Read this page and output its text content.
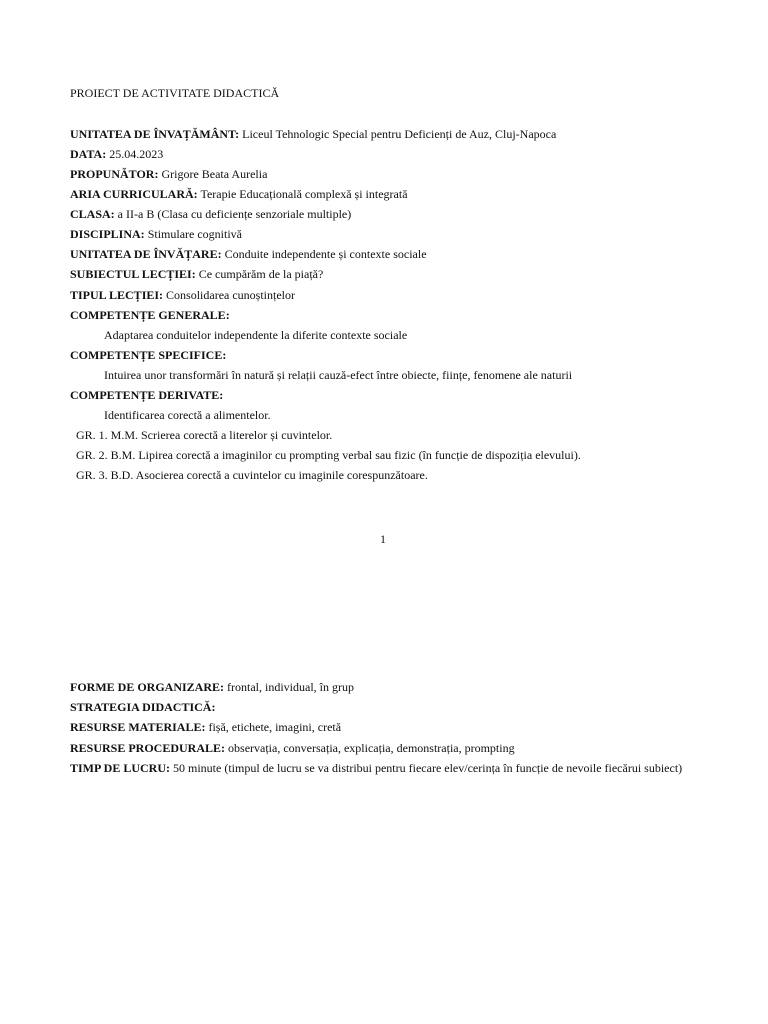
PROIECT DE ACTIVITATE DIDACTICĂ
UNITATEA DE ÎNVAȚĂMÂNT: Liceul Tehnologic Special pentru Deficienți de Auz, Cluj-Napoca
DATA: 25.04.2023
PROPUNĂTOR: Grigore Beata Aurelia
ARIA CURRICULARĂ: Terapie Educațională complexă și integrată
CLASA: a II-a B (Clasa cu deficiențe senzoriale multiple)
DISCIPLINA: Stimulare cognitivă
UNITATEA DE ÎNVĂȚARE: Conduite independente și contexte sociale
SUBIECTUL LECȚIEI: Ce cumpărăm de la piață?
TIPUL LECȚIEI: Consolidarea cunoștințelor
COMPETENȚE GENERALE:
Adaptarea conduitelor independente la diferite contexte sociale
COMPETENȚE SPECIFICE:
Intuirea unor transformări în natură și relații cauză-efect între obiecte, ființe, fenomene ale naturii
COMPETENȚE DERIVATE:
Identificarea corectă a alimentelor.
GR. 1. M.M. Scrierea corectă a literelor și cuvintelor.
GR. 2. B.M. Lipirea corectă a imaginilor cu prompting verbal sau fizic (în funcție de dispoziția elevului).
GR. 3. B.D. Asocierea corectă a cuvintelor cu imaginile corespunzătoare.
1
FORME DE ORGANIZARE: frontal, individual, în grup
STRATEGIA DIDACTICĂ:
RESURSE MATERIALE: fișă, etichete, imagini, cretă
RESURSE PROCEDURALE: observația, conversația, explicația, demonstrația, prompting
TIMP DE LUCRU: 50 minute (timpul de lucru se va distribui pentru fiecare elev/cerința în funcție de nevoile fiecărui subiect)
